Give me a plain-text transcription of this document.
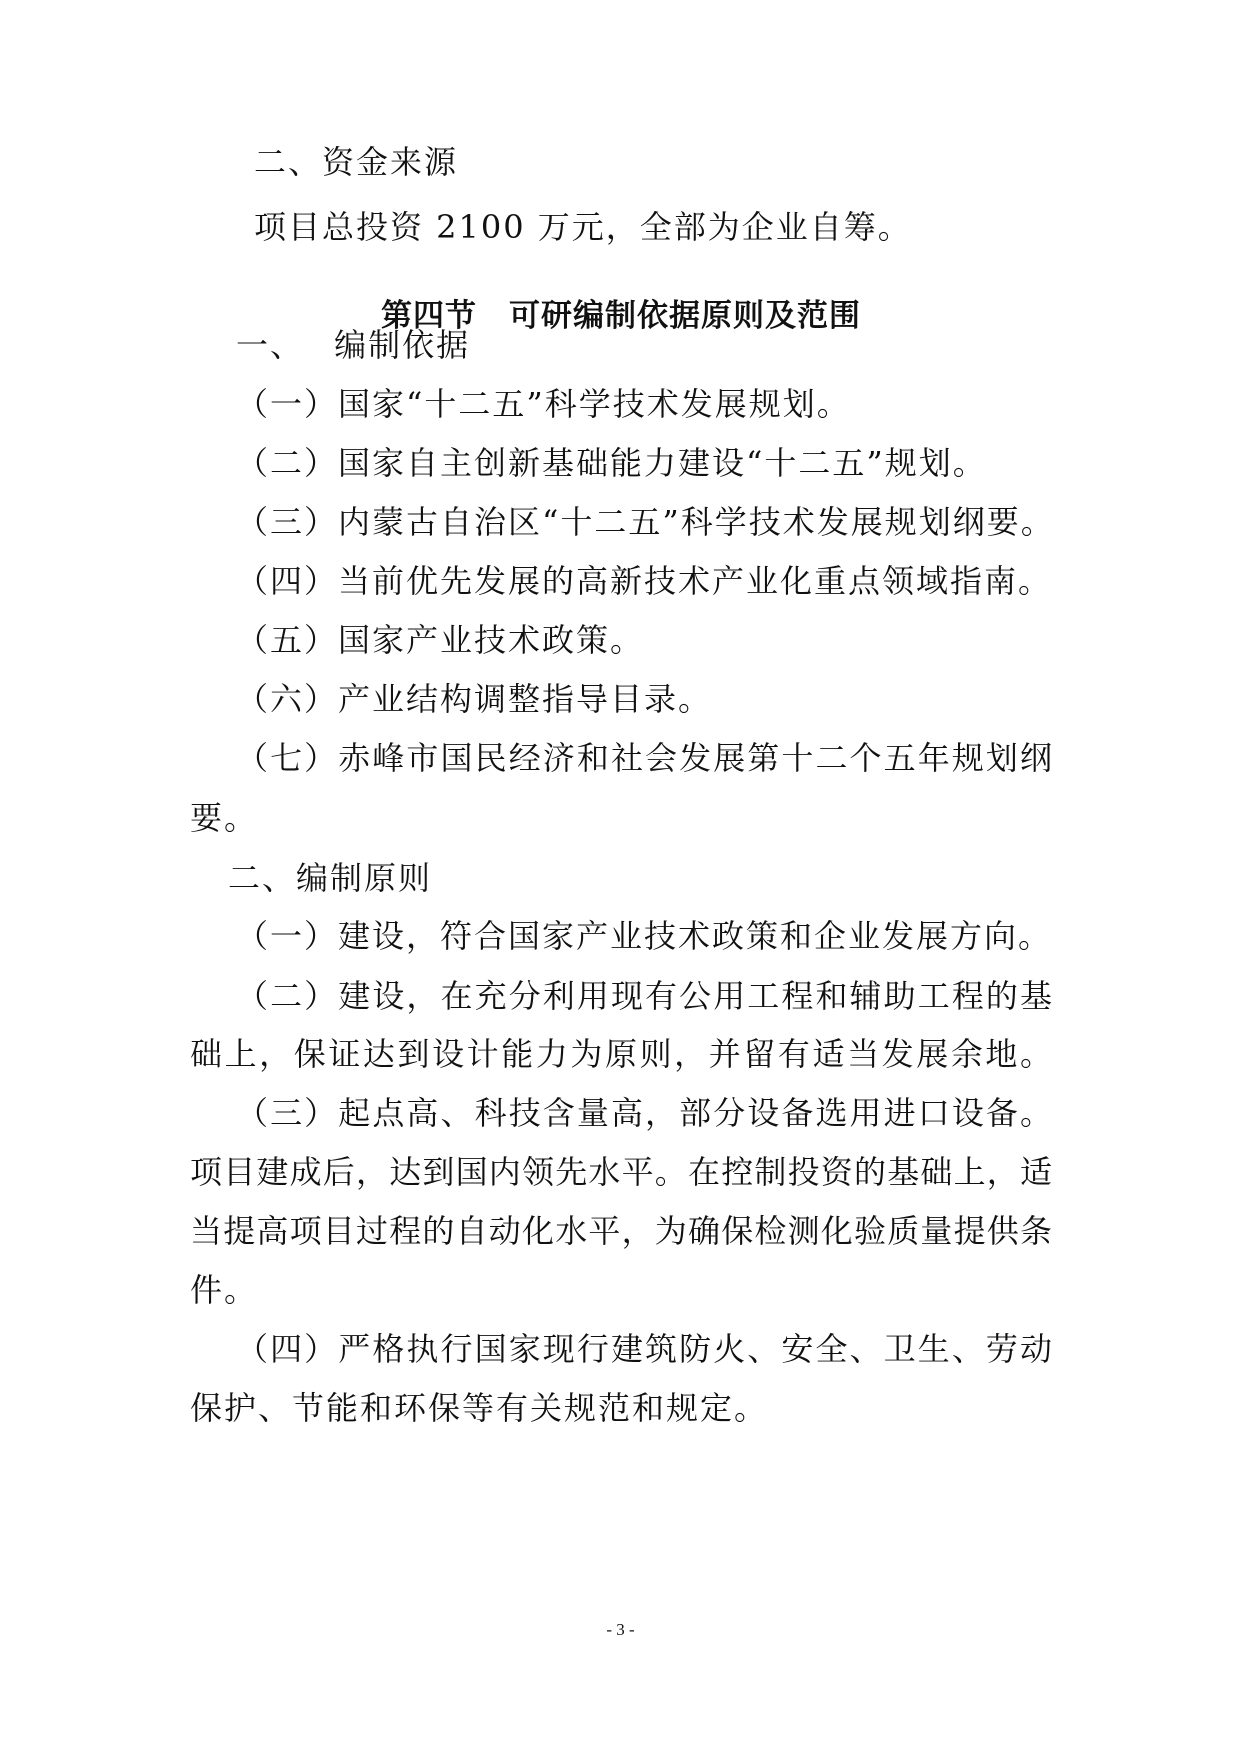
二、资金来源
项目总投资 2100 万元，全部为企业自筹。
第四节　可研编制依据原则及范围
一、　 编制依据
（一）国家“十二五”科学技术发展规划。
（二）国家自主创新基础能力建设“十二五”规划。
（三）内蒙古自治区“十二五”科学技术发展规划纲要。
（四）当前优先发展的高新技术产业化重点领域指南。
（五）国家产业技术政策。
（六）产业结构调整指导目录。
（七）赤峰市国民经济和社会发展第十二个五年规划纲
要。
二、编制原则
（一）建设，符合国家产业技术政策和企业发展方向。
（二）建设，在充分利用现有公用工程和辅助工程的基
础上，保证达到设计能力为原则，并留有适当发展余地。
（三）起点高、科技含量高，部分设备选用进口设备。
项目建成后，达到国内领先水平。在控制投资的基础上，适
当提高项目过程的自动化水平，为确保检测化验质量提供条
件。
（四）严格执行国家现行建筑防火、安全、卫生、劳动
保护、节能和环保等有关规范和规定。
- 3 -
